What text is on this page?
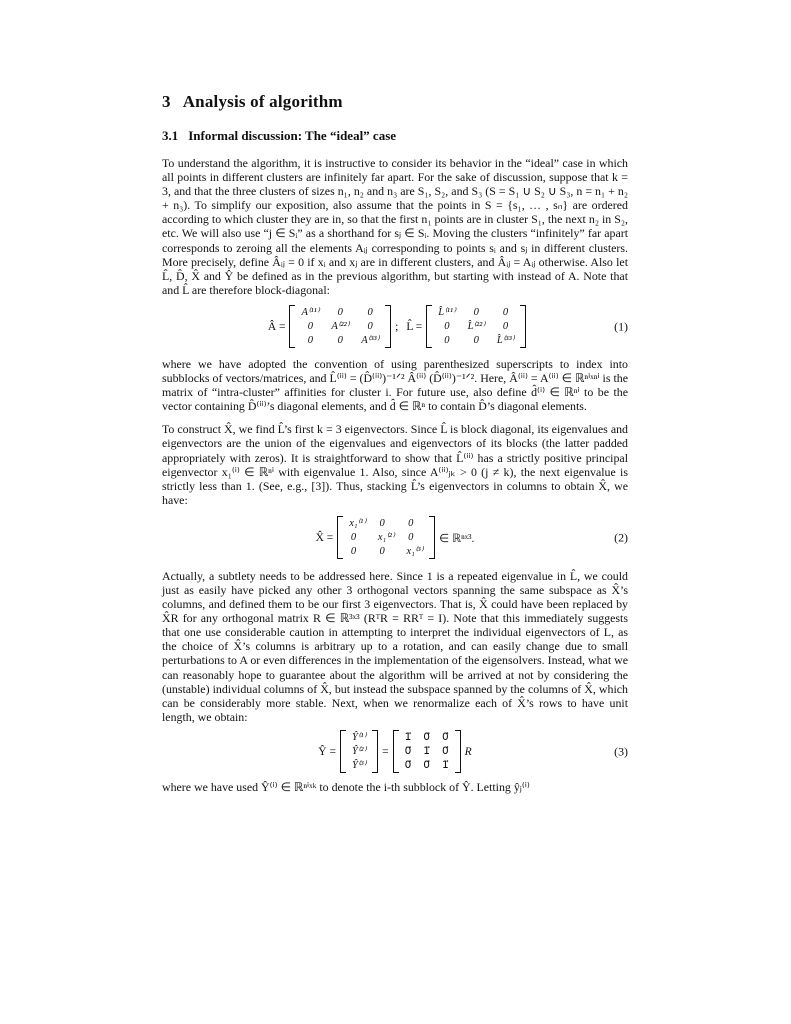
3 Analysis of algorithm
3.1 Informal discussion: The “ideal” case

To understand the algorithm, it is instructive to consider its behavior in the “ideal” case in which all points in different clusters are infinitely far apart. For the sake of discussion, suppose that k = 3, and that the three clusters of sizes n₁, n₂ and n₃ are S₁, S₂, and S₃ (S = S₁ ∪ S₂ ∪ S₃, n = n₁ + n₂ + n₃). To simplify our exposition, also assume that the points in S = {s₁, … , sₙ} are ordered according to which cluster they are in, so that the first n₁ points are in cluster S₁, the next n₂ in S₂, etc. We will also use “j ∈ Sᵢ” as a shorthand for sⱼ ∈ Sᵢ. Moving the clusters “infinitely” far apart corresponds to zeroing all the elements Aᵢⱼ corresponding to points sᵢ and sⱼ in different clusters. More precisely, define Âᵢⱼ = 0 if xᵢ and xⱼ are in different clusters, and Âᵢⱼ = Aᵢⱼ otherwise. Also let L̂, D̂, X̂ and Ŷ be defined as in the previous algorithm, but starting with instead of A. Note that and L̂ are therefore block-diagonal:

Â =
A⁽¹¹⁾	0	0
0	A⁽²²⁾	0
0	0	A⁽³³⁾
; L̂ =
L̂⁽¹¹⁾	0	0
0	L̂⁽²²⁾	0
0	0	L̂⁽³³⁾
(1)

where we have adopted the convention of using parenthesized superscripts to index into subblocks of vectors/matrices, and L̂⁽ⁱⁱ⁾ = (D̂⁽ⁱⁱ⁾)⁻¹ᐟ² Â⁽ⁱⁱ⁾ (D̂⁽ⁱⁱ⁾)⁻¹ᐟ². Here, Â⁽ⁱⁱ⁾ = A⁽ⁱⁱ⁾ ∈ ℝⁿⁱˣⁿⁱ is the matrix of “intra-cluster” affinities for cluster i. For future use, also define d̂⁽ⁱ⁾ ∈ ℝⁿⁱ to be the vector containing D̂⁽ⁱⁱ⁾’s diagonal elements, and d̂ ∈ ℝⁿ to contain D̂’s diagonal elements.

To construct X̂, we find L̂’s first k = 3 eigenvectors. Since L̂ is block diagonal, its eigenvalues and eigenvectors are the union of the eigenvalues and eigenvectors of its blocks (the latter padded appropriately with zeros). It is straightforward to show that L̂⁽ⁱⁱ⁾ has a strictly positive principal eigenvector x₁⁽ⁱ⁾ ∈ ℝⁿⁱ with eigenvalue 1. Also, since A⁽ⁱⁱ⁾ⱼₖ > 0 (j ≠ k), the next eigenvalue is strictly less than 1. (See, e.g., [3]). Thus, stacking L̂’s eigenvectors in columns to obtain X̂, we have:

X̂ =
x₁⁽¹⁾ 0⃗ 0⃗
0⃗ x₁⁽²⁾ 0⃗
0⃗ 0⃗ x₁⁽³⁾
∈ ℝⁿˣ³.	(2)

Actually, a subtlety needs to be addressed here. Since 1 is a repeated eigenvalue in L̂, we could just as easily have picked any other 3 orthogonal vectors spanning the same subspace as X̂’s columns, and defined them to be our first 3 eigenvectors. That is, X̂ could have been replaced by X̂R for any orthogonal matrix R ∈ ℝ³ˣ³ (RᵀR = RRᵀ = I). Note that this immediately suggests that one use considerable caution in attempting to interpret the individual eigenvectors of L, as the choice of X̂’s columns is arbitrary up to a rotation, and can easily change due to small perturbations to A or even differences in the implementation of the eigensolvers. Instead, what we can reasonably hope to guarantee about the algorithm will be arrived at not by considering the (unstable) individual columns of X̂, but instead the subspace spanned by the columns of X̂, which can be considerably more stable. Next, when we renormalize each of X̂’s rows to have unit length, we obtain:

Ŷ =
Ŷ⁽¹⁾
Ŷ⁽²⁾
Ŷ⁽³⁾
=
1⃗ 0⃗ 0⃗
0⃗ 1⃗ 0⃗
0⃗ 0⃗ 1⃗
R	(3)

where we have used Ŷ⁽ⁱ⁾ ∈ ℝⁿⁱˣᵏ to denote the i-th subblock of Ŷ. Letting ŷⱼ⁽ⁱ⁾
